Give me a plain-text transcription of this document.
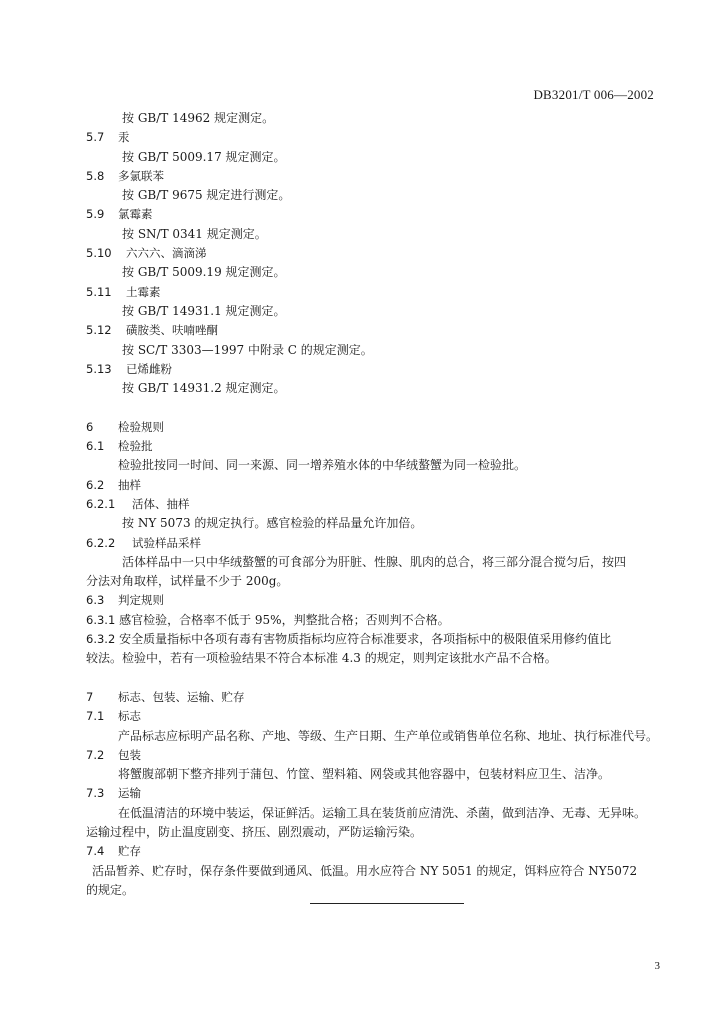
DB3201/T 006—2002
按 GB/T 14962 规定测定。
5.7 汞
按 GB/T 5009.17 规定测定。
5.8 多氯联苯
按 GB/T 9675 规定进行测定。
5.9 氯霉素
按 SN/T 0341 规定测定。
5.10 六六六、滴滴涕
按 GB/T 5009.19 规定测定。
5.11 土霉素
按 GB/T 14931.1 规定测定。
5.12 磺胺类、呋喃唑酮
按 SC/T 3303—1997 中附录 C 的规定测定。
5.13 已烯雌粉
按 GB/T 14931.2 规定测定。
6 检验规则
6.1 检验批
检验批按同一时间、同一来源、同一增养殖水体的中华绒螯蟹为同一检验批。
6.2 抽样
6.2.1 活体、抽样
按 NY 5073 的规定执行。感官检验的样品量允许加倍。
6.2.2 试验样品采样
活体样品中一只中华绒螯蟹的可食部分为肝脏、性腺、肌肉的总合，将三部分混合搅匀后，按四
分法对角取样，试样量不少于 200g。
6.3 判定规则
6.3.1 感官检验，合格率不低于 95%，判整批合格；否则判不合格。
6.3.2 安全质量指标中各项有毒有害物质指标均应符合标准要求，各项指标中的极限值采用修约值比
较法。检验中，若有一项检验结果不符合本标准 4.3 的规定，则判定该批水产品不合格。
7 标志、包装、运输、贮存
7.1 标志
产品标志应标明产品名称、产地、等级、生产日期、生产单位或销售单位名称、地址、执行标准代号。
7.2 包装
将蟹腹部朝下整齐排列于蒲包、竹筐、塑料箱、网袋或其他容器中，包装材料应卫生、洁净。
7.3 运输
在低温清洁的环境中装运，保证鲜活。运输工具在装货前应清洗、杀菌，做到洁净、无毒、无异味。
运输过程中，防止温度剧变、挤压、剧烈震动，严防运输污染。
7.4 贮存
活品暂养、贮存时，保存条件要做到通风、低温。用水应符合 NY 5051 的规定，饵料应符合 NY5072
的规定。
3
